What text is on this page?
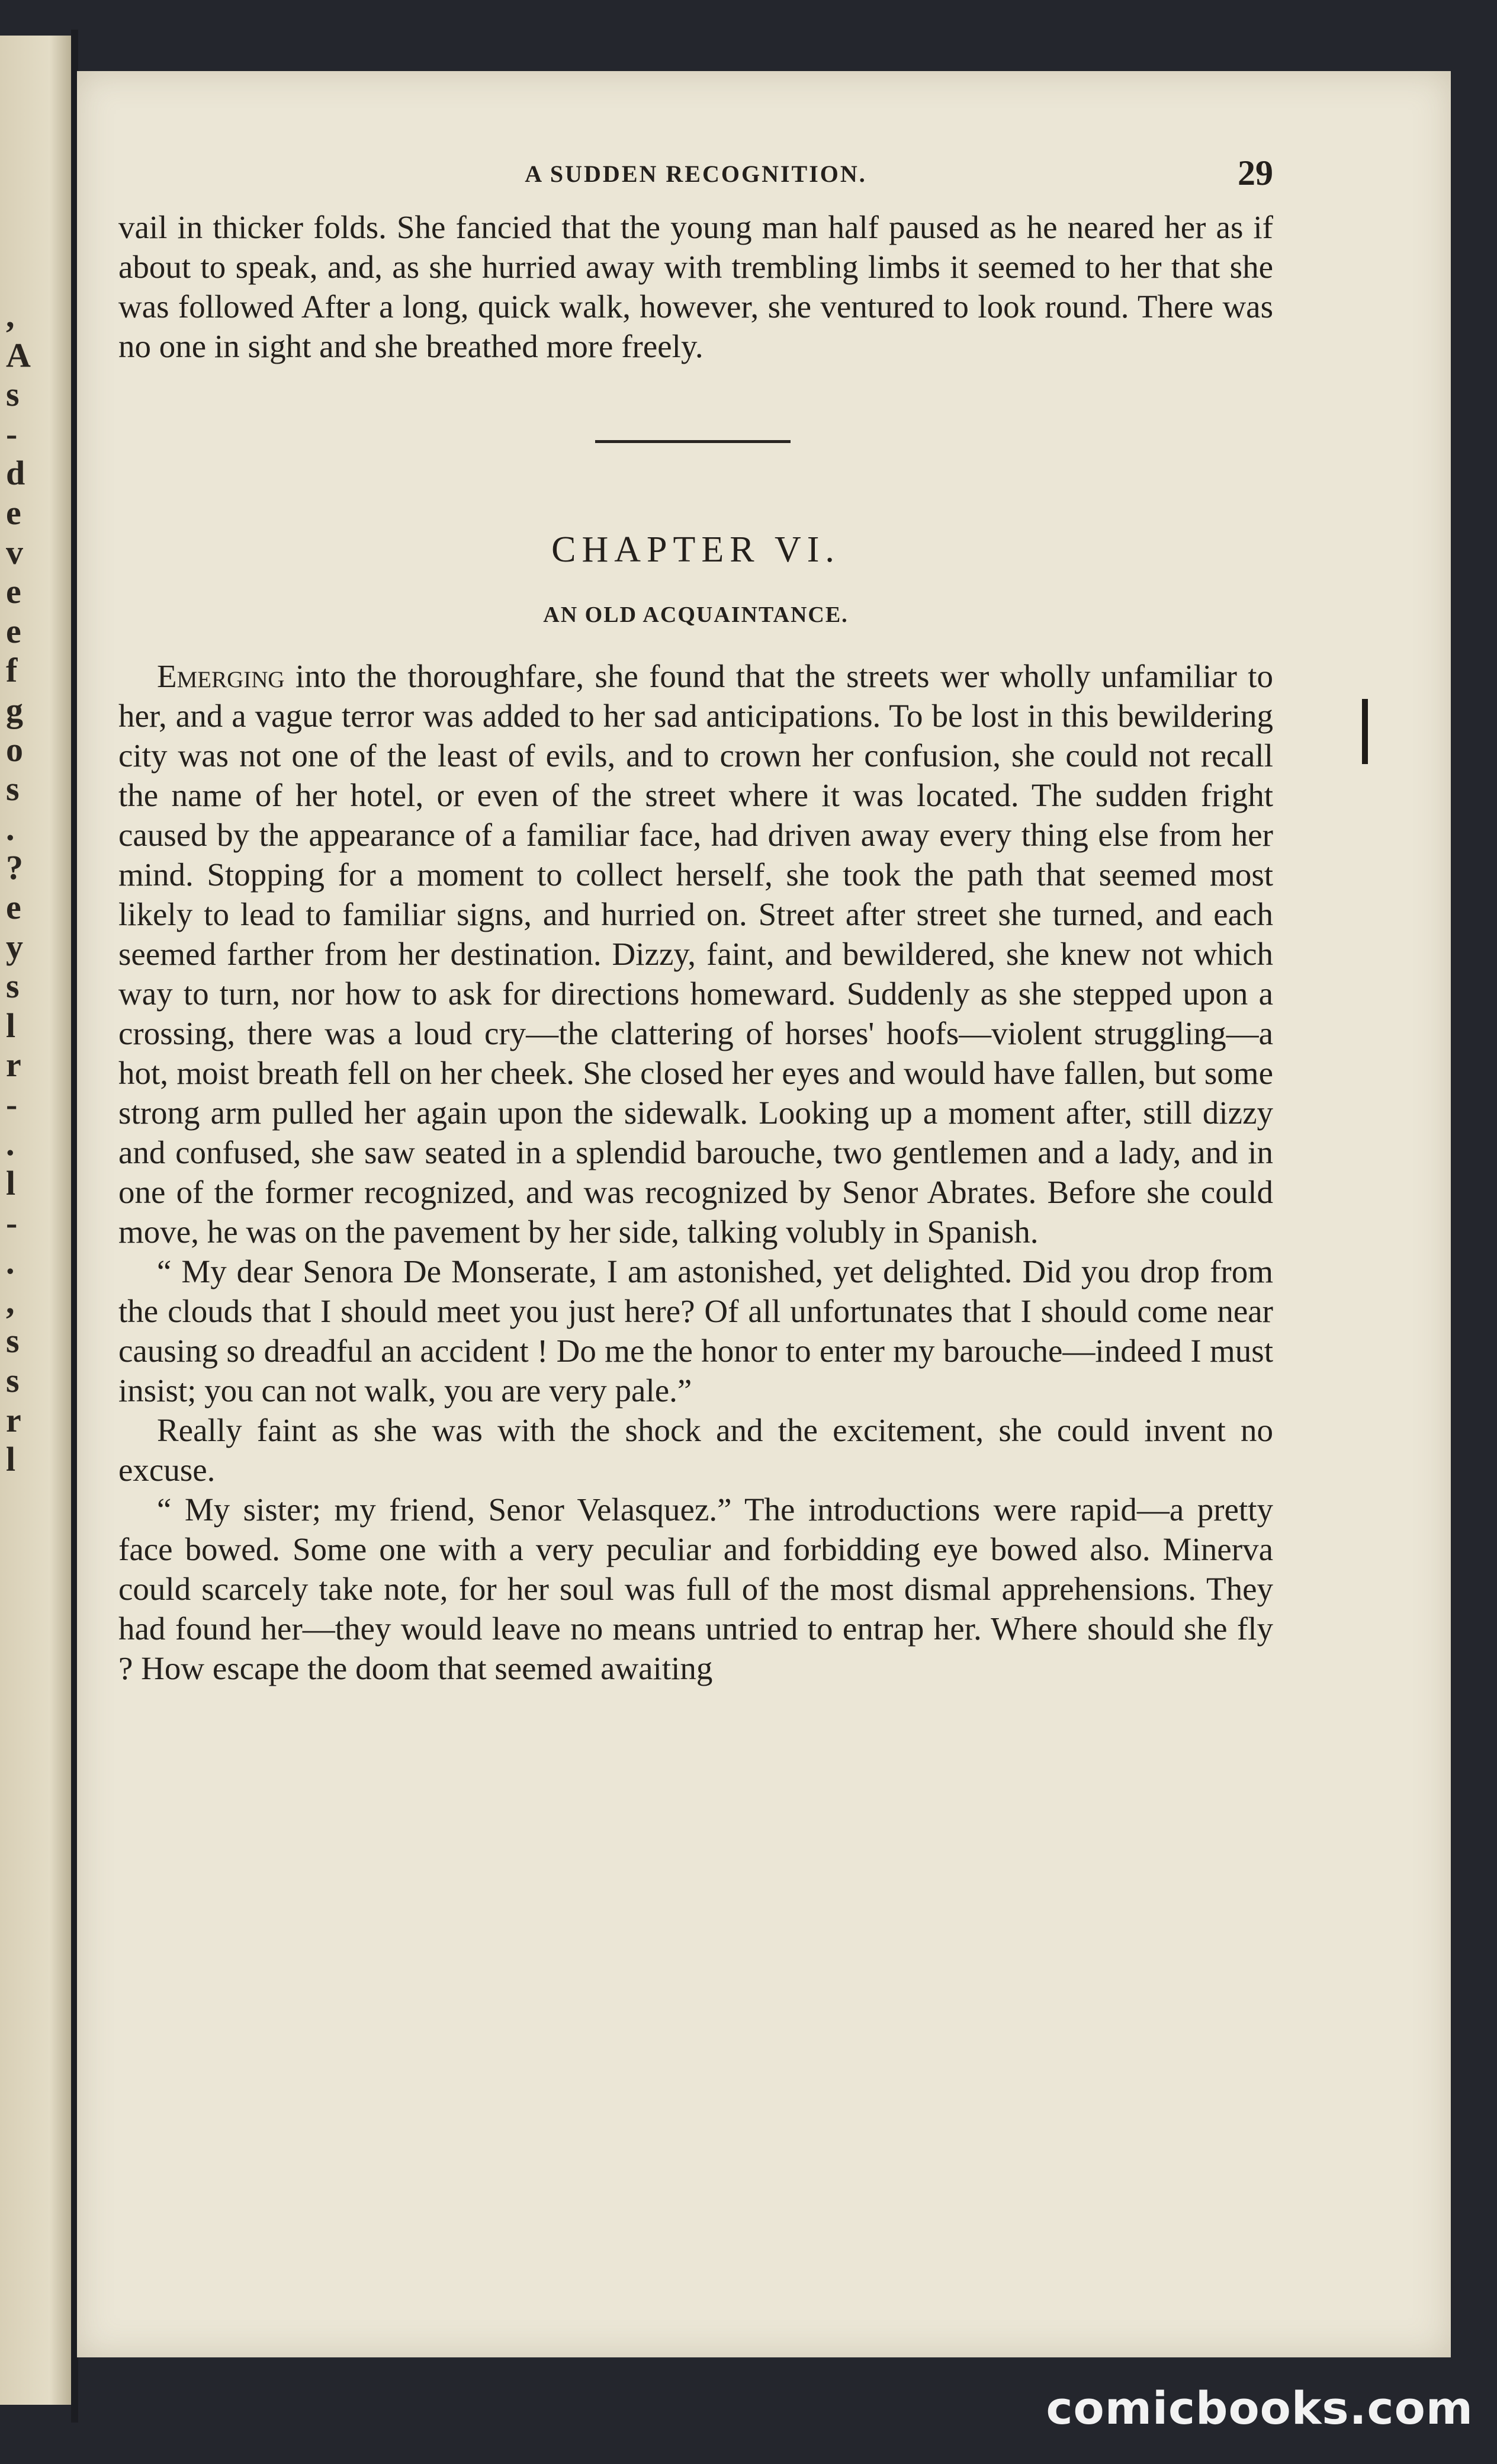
,
A
s
-
d
e
v
e
e
f
g
o
s
.
?
e
y
s
l
r
-
.
l
-
.
,
s
s
r
l
A SUDDEN RECOGNITION.	29

vail in thicker folds. She fancied that the young man half paused as he neared her as if about to speak, and, as she hurried away with trembling limbs it seemed to her that she was followed After a long, quick walk, however, she ventured to look round. There was no one in sight and she breathed more freely.

CHAPTER VI.
AN OLD ACQUAINTANCE.

Emerging into the thoroughfare, she found that the streets wer wholly unfamiliar to her, and a vague terror was added to her sad anticipations. To be lost in this bewildering city was not one of the least of evils, and to crown her confusion, she could not recall the name of her hotel, or even of the street where it was located. The sudden fright caused by the appearance of a familiar face, had driven away every thing else from her mind. Stopping for a moment to collect herself, she took the path that seemed most likely to lead to familiar signs, and hurried on. Street after street she turned, and each seemed farther from her destination. Dizzy, faint, and bewildered, she knew not which way to turn, nor how to ask for directions homeward. Suddenly as she stepped upon a crossing, there was a loud cry—the clattering of horses' hoofs—violent struggling—a hot, moist breath fell on her cheek. She closed her eyes and would have fallen, but some strong arm pulled her again upon the sidewalk. Looking up a moment after, still dizzy and confused, she saw seated in a splendid barouche, two gentlemen and a lady, and in one of the former recognized, and was recognized by Senor Abrates. Before she could move, he was on the pavement by her side, talking volubly in Spanish.

“ My dear Senora De Monserate, I am astonished, yet delighted. Did you drop from the clouds that I should meet you just here? Of all unfortunates that I should come near causing so dreadful an accident ! Do me the honor to enter my barouche—indeed I must insist; you can not walk, you are very pale.”

Really faint as she was with the shock and the excitement, she could invent no excuse.

“ My sister; my friend, Senor Velasquez.” The introductions were rapid—a pretty face bowed. Some one with a very peculiar and forbidding eye bowed also. Minerva could scarcely take note, for her soul was full of the most dismal apprehensions. They had found her—they would leave no means untried to entrap her. Where should she fly ? How escape the doom that seemed awaiting

comicbooks.com
